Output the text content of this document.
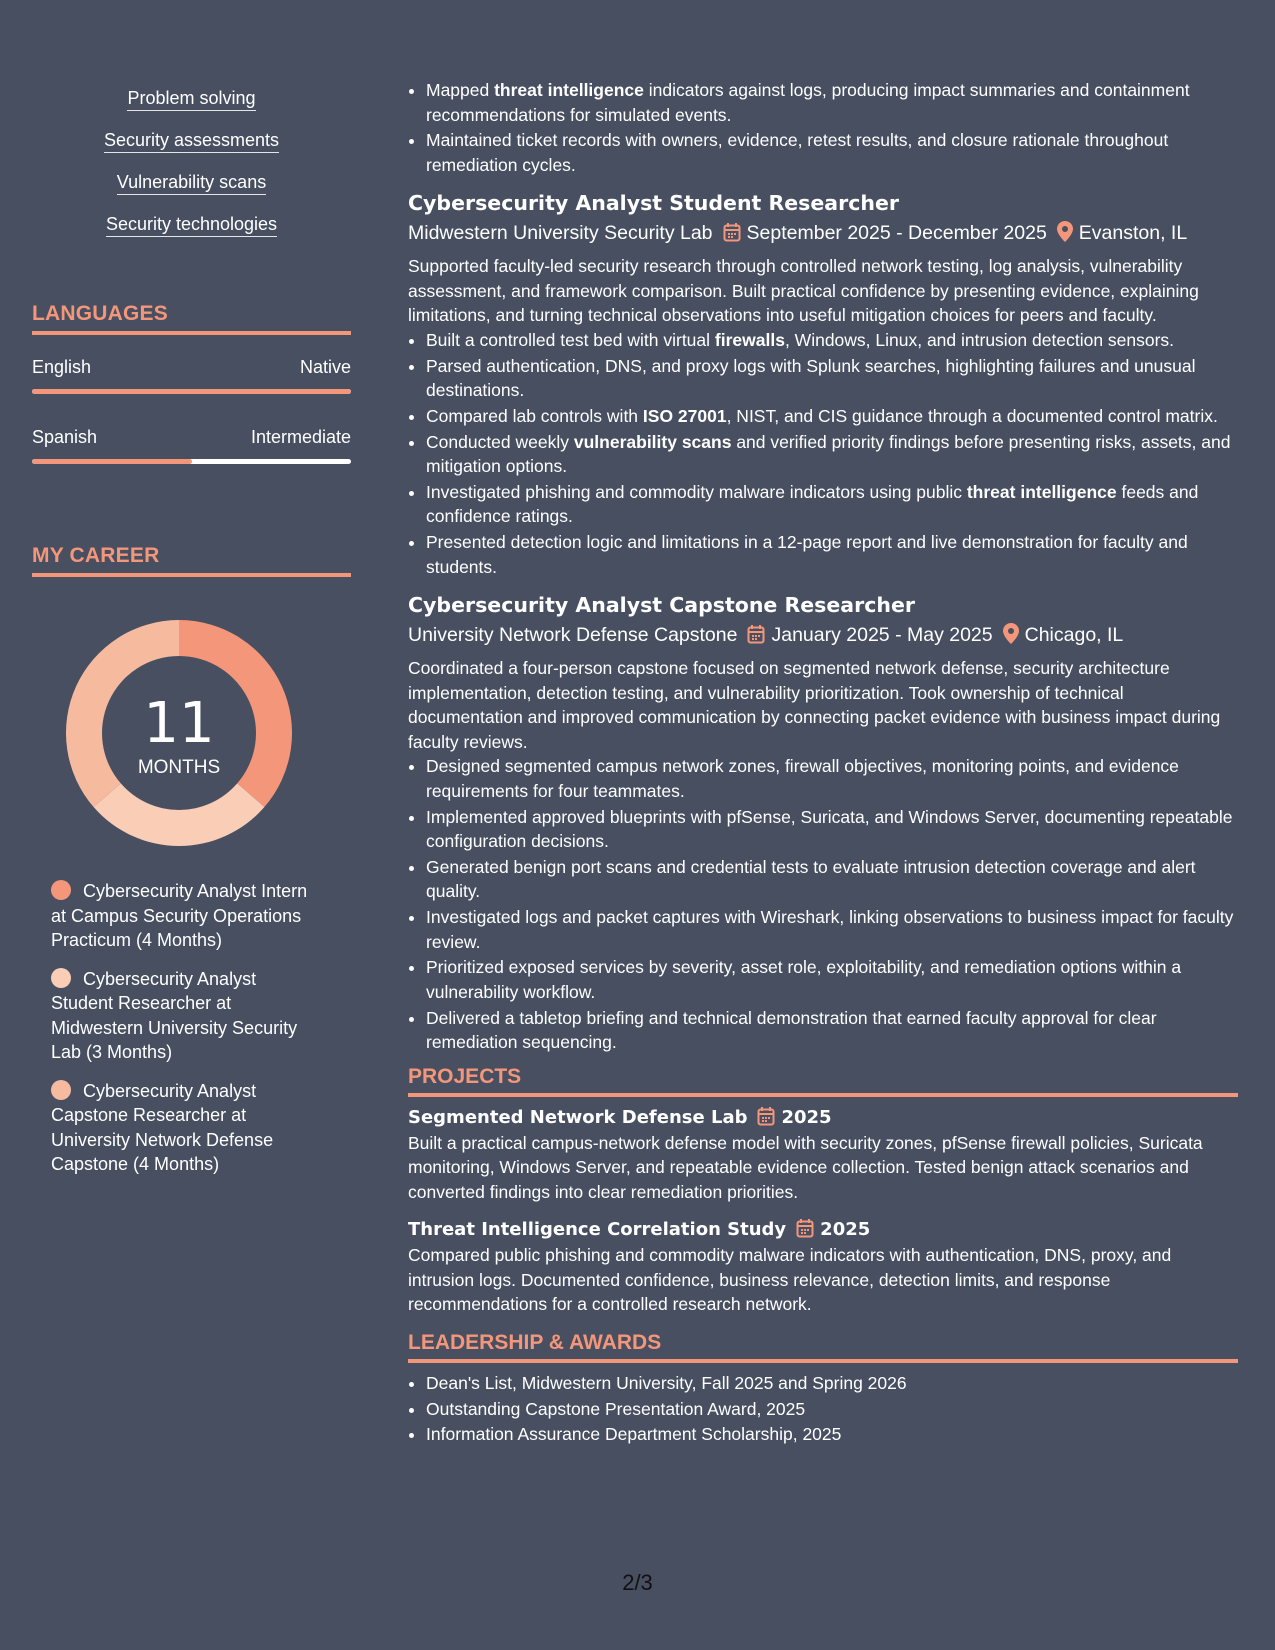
Problem solving

Security assessments

Vulnerability scans

Security technologies

LANGUAGES
English	Native
Spanish	Intermediate
MY CAREER
11
MONTHS
Cybersecurity Analyst Intern at Campus Security Operations Practicum (4 Months)
Cybersecurity Analyst Student Researcher at Midwestern University Security Lab (3 Months)
Cybersecurity Analyst Capstone Researcher at University Network Defense Capstone (4 Months)
• Mapped threat intelligence indicators against logs, producing impact summaries and containment recommendations for simulated events.
• Maintained ticket records with owners, evidence, retest results, and closure rationale throughout remediation cycles.
Cybersecurity Analyst Student Researcher
Midwestern University Security Lab September 2025 - December 2025 Evanston, IL

Supported faculty-led security research through controlled network testing, log analysis, vulnerability assessment, and framework comparison. Built practical confidence by presenting evidence, explaining limitations, and turning technical observations into useful mitigation choices for peers and faculty.

• Built a controlled test bed with virtual firewalls, Windows, Linux, and intrusion detection sensors.
• Parsed authentication, DNS, and proxy logs with Splunk searches, highlighting failures and unusual destinations.
• Compared lab controls with ISO 27001, NIST, and CIS guidance through a documented control matrix.
• Conducted weekly vulnerability scans and verified priority findings before presenting risks, assets, and mitigation options.
• Investigated phishing and commodity malware indicators using public threat intelligence feeds and confidence ratings.
• Presented detection logic and limitations in a 12-page report and live demonstration for faculty and students.
Cybersecurity Analyst Capstone Researcher
University Network Defense Capstone January 2025 - May 2025 Chicago, IL

Coordinated a four-person capstone focused on segmented network defense, security architecture implementation, detection testing, and vulnerability prioritization. Took ownership of technical documentation and improved communication by connecting packet evidence with business impact during faculty reviews.

• Designed segmented campus network zones, firewall objectives, monitoring points, and evidence requirements for four teammates.
• Implemented approved blueprints with pfSense, Suricata, and Windows Server, documenting repeatable configuration decisions.
• Generated benign port scans and credential tests to evaluate intrusion detection coverage and alert quality.
• Investigated logs and packet captures with Wireshark, linking observations to business impact for faculty review.
• Prioritized exposed services by severity, asset role, exploitability, and remediation options within a vulnerability workflow.
• Delivered a tabletop briefing and technical demonstration that earned faculty approval for clear remediation sequencing.
PROJECTS
Segmented Network Defense Lab 2025

Built a practical campus-network defense model with security zones, pfSense firewall policies, Suricata monitoring, Windows Server, and repeatable evidence collection. Tested benign attack scenarios and converted findings into clear remediation priorities.

Threat Intelligence Correlation Study 2025

Compared public phishing and commodity malware indicators with authentication, DNS, proxy, and intrusion logs. Documented confidence, business relevance, detection limits, and response recommendations for a controlled research network.

LEADERSHIP & AWARDS
• Dean's List, Midwestern University, Fall 2025 and Spring 2026
• Outstanding Capstone Presentation Award, 2025
• Information Assurance Department Scholarship, 2025
2/3
